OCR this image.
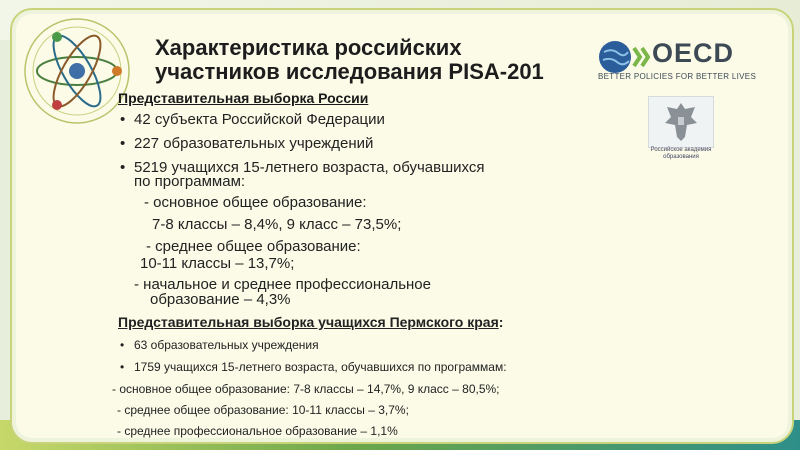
Характеристика российских
участников исследования PISA-201
OECD
BETTER POLICIES FOR BETTER LIVES
Российское академия образования
Представительная выборка России
• 42 субъекта Российской Федерации
• 227 образовательных учреждений
• 5219 учащихся 15-летнего возраста, обучавшихся
по программам:
- основное общее образование:
7-8 классы – 8,4%, 9 класс – 73,5%;
- среднее общее образование:
10-11 классы – 13,7%;
- начальное и среднее профессиональное
образование – 4,3%
Представительная выборка учащихся Пермского края:
• 63 образовательных учреждения
• 1759 учащихся 15-летнего возраста, обучавшихся по программам:
- основное общее образование: 7-8 классы – 14,7%, 9 класс – 80,5%;
- среднее общее образование: 10-11 классы – 3,7%;
- среднее профессиональное образование – 1,1%
